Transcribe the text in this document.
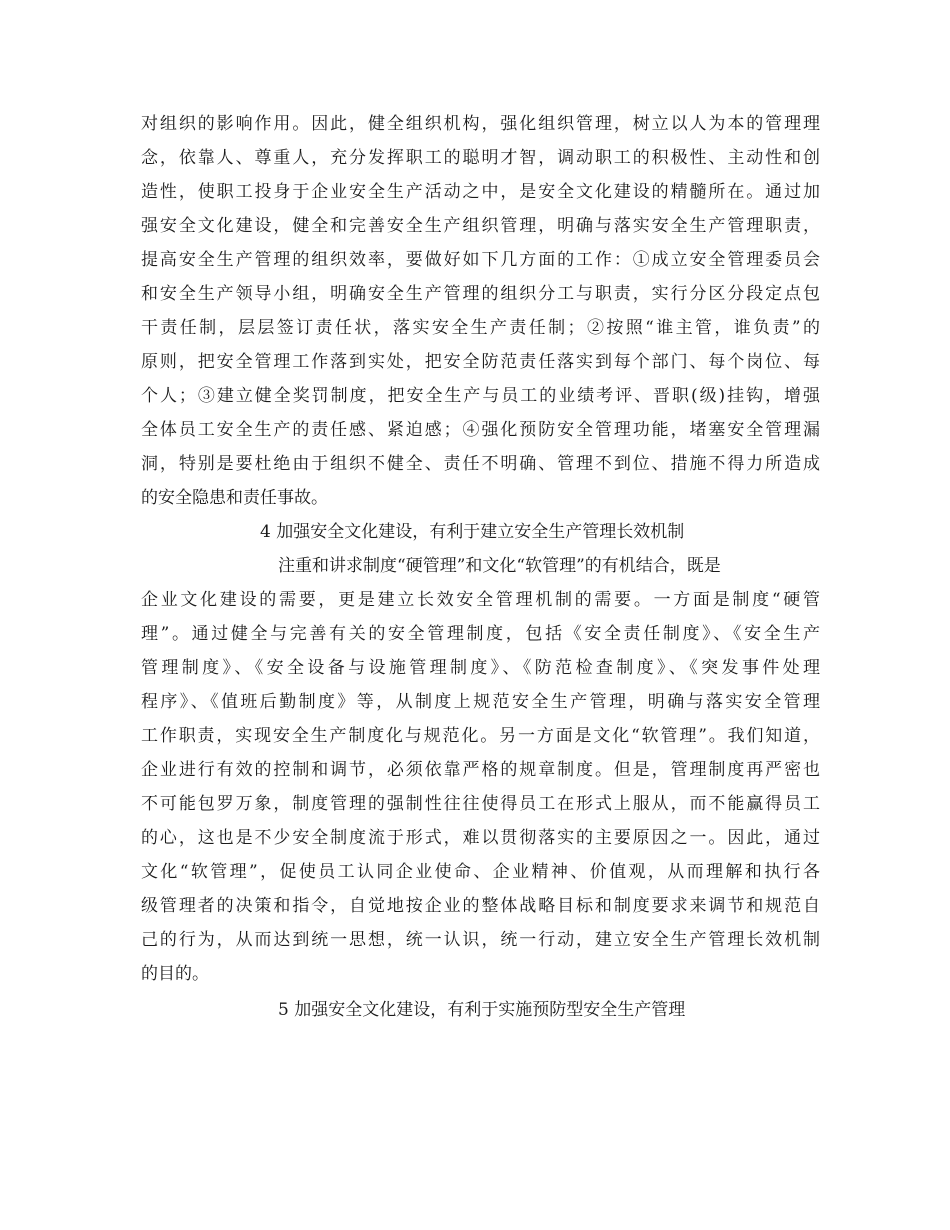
对组织的影响作用。因此，健全组织机构，强化组织管理，树立以人为本的管理理

念，依靠人、尊重人，充分发挥职工的聪明才智，调动职工的积极性、主动性和创

造性，使职工投身于企业安全生产活动之中，是安全文化建设的精髓所在。通过加

强安全文化建设，健全和完善安全生产组织管理，明确与落实安全生产管理职责，

提高安全生产管理的组织效率，要做好如下几方面的工作：①成立安全管理委员会

和安全生产领导小组，明确安全生产管理的组织分工与职责，实行分区分段定点包

干责任制，层层签订责任状，落实安全生产责任制；②按照“谁主管，谁负责”的

原则，把安全管理工作落到实处，把安全防范责任落实到每个部门、每个岗位、每

个人；③建立健全奖罚制度，把安全生产与员工的业绩考评、晋职(级)挂钩，增强

全体员工安全生产的责任感、紧迫感；④强化预防安全管理功能，堵塞安全管理漏

洞，特别是要杜绝由于组织不健全、责任不明确、管理不到位、措施不得力所造成

的安全隐患和责任事故。

4 加强安全文化建设，有利于建立安全生产管理长效机制

注重和讲求制度“硬管理”和文化“软管理”的有机结合，既是

企业文化建设的需要，更是建立长效安全管理机制的需要。一方面是制度“硬管

理”。通过健全与完善有关的安全管理制度，包括《安全责任制度》、《安全生产

管理制度》、《安全设备与设施管理制度》、《防范检查制度》、《突发事件处理

程序》、《值班后勤制度》等，从制度上规范安全生产管理，明确与落实安全管理

工作职责，实现安全生产制度化与规范化。另一方面是文化“软管理”。我们知道，

企业进行有效的控制和调节，必须依靠严格的规章制度。但是，管理制度再严密也

不可能包罗万象，制度管理的强制性往往使得员工在形式上服从，而不能赢得员工

的心，这也是不少安全制度流于形式，难以贯彻落实的主要原因之一。因此，通过

文化“软管理”，促使员工认同企业使命、企业精神、价值观，从而理解和执行各

级管理者的决策和指令，自觉地按企业的整体战略目标和制度要求来调节和规范自

己的行为，从而达到统一思想，统一认识，统一行动，建立安全生产管理长效机制

的目的。

5 加强安全文化建设，有利于实施预防型安全生产管理
